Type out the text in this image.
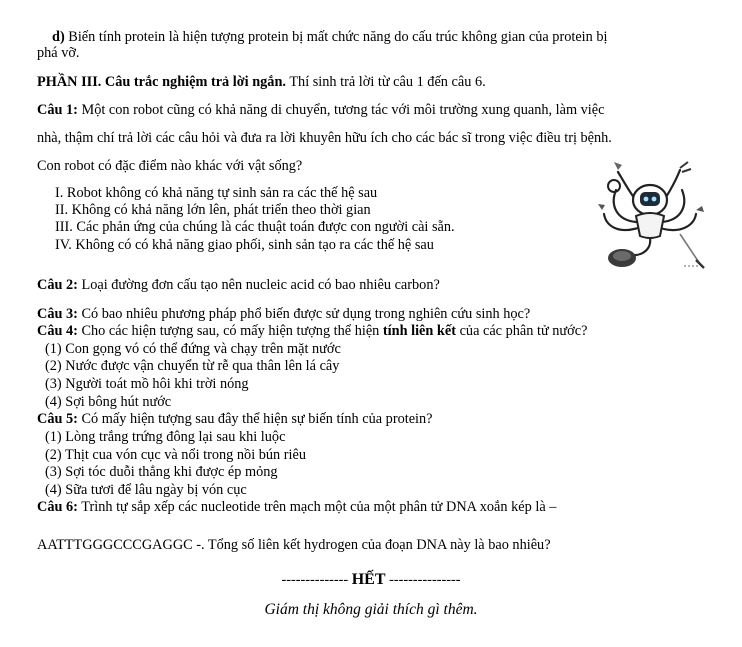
d) Biến tính protein là hiện tượng protein bị mất chức năng do cấu trúc không gian của protein bị
phá vỡ.
PHẦN III. Câu trắc nghiệm trả lời ngắn. Thí sinh trả lời từ câu 1 đến câu 6.
Câu 1: Một con robot cũng có khả năng di chuyển, tương tác với môi trường xung quanh, làm việc
nhà, thậm chí trả lời các câu hỏi và đưa ra lời khuyên hữu ích cho các bác sĩ trong việc điều trị bệnh.
Con robot có đặc điểm nào khác với vật sống?
I. Robot không có khả năng tự sinh sản ra các thế hệ sau
II. Không có khả năng lớn lên, phát triển theo thời gian
III. Các phản ứng của chúng là các thuật toán được con người cài sẵn.
IV. Không có có khả năng giao phối, sinh sản tạo ra các thế hệ sau
Câu 2: Loại đường đơn cấu tạo nên nucleic acid có bao nhiêu carbon?
Câu 3: Có bao nhiêu phương pháp phổ biến được sử dụng trong nghiên cứu sinh học?
Câu 4: Cho các hiện tượng sau, có mấy hiện tượng thể hiện tính liên kết của các phân tử nước?
(1) Con gọng vó có thể đứng và chạy trên mặt nước
(2) Nước được vận chuyển từ rễ qua thân lên lá cây
(3) Người toát mồ hôi khi trời nóng
(4) Sợi bông hút nước
Câu 5: Có mấy hiện tượng sau đây thể hiện sự biến tính của protein?
(1) Lòng trắng trứng đông lại sau khi luộc
(2) Thịt cua vón cục và nổi trong nồi bún riêu
(3) Sợi tóc duỗi thẳng khi được ép mỏng
(4) Sữa tươi để lâu ngày bị vón cục
Câu 6: Trình tự sắp xếp các nucleotide trên mạch một của một phân tử DNA xoắn kép là –
AATTTGGGCCCGAGGC -. Tổng số liên kết hydrogen của đoạn DNA này là bao nhiêu?
-------------- HẾT ---------------
Giám thị không giải thích gì thêm.
